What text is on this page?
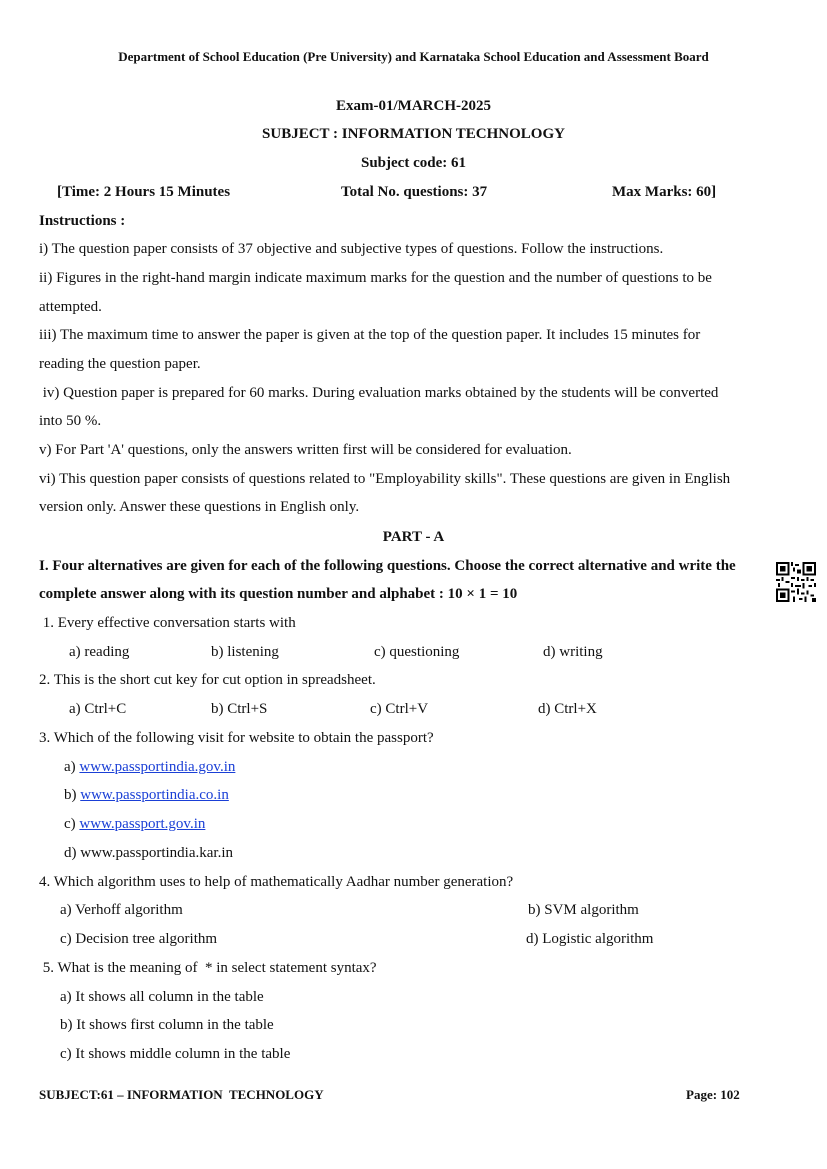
Department of School Education (Pre University) and Karnataka School Education and Assessment Board
Exam-01/MARCH-2025
SUBJECT : INFORMATION TECHNOLOGY
Subject code: 61
[Time: 2 Hours 15 Minutes	Total No. questions: 37	Max Marks: 60]
Instructions :
i) The question paper consists of 37 objective and subjective types of questions. Follow the instructions.
ii) Figures in the right-hand margin indicate maximum marks for the question and the number of questions to be
attempted.
iii) The maximum time to answer the paper is given at the top of the question paper. It includes 15 minutes for
reading the question paper.
iv) Question paper is prepared for 60 marks. During evaluation marks obtained by the students will be converted
into 50 %.
v) For Part 'A' questions, only the answers written first will be considered for evaluation.
vi) This question paper consists of questions related to "Employability skills". These questions are given in English
version only. Answer these questions in English only.
PART - A
I. Four alternatives are given for each of the following questions. Choose the correct alternative and write the
complete answer along with its question number and alphabet : 10 × 1 = 10
1. Every effective conversation starts with
a) reading	b) listening	c) questioning	d) writing
2. This is the short cut key for cut option in spreadsheet.
a) Ctrl+C	b) Ctrl+S	c) Ctrl+V	d) Ctrl+X
3. Which of the following visit for website to obtain the passport?
a) www.passportindia.gov.in
b) www.passportindia.co.in
c) www.passport.gov.in
d) www.passportindia.kar.in
4. Which algorithm uses to help of mathematically Aadhar number generation?
a) Verhoff algorithm	b) SVM algorithm
c) Decision tree algorithm	d) Logistic algorithm
5. What is the meaning of  * in select statement syntax?
a) It shows all column in the table
b) It shows first column in the table
c) It shows middle column in the table
SUBJECT:61 – INFORMATION  TECHNOLOGY	Page: 102
